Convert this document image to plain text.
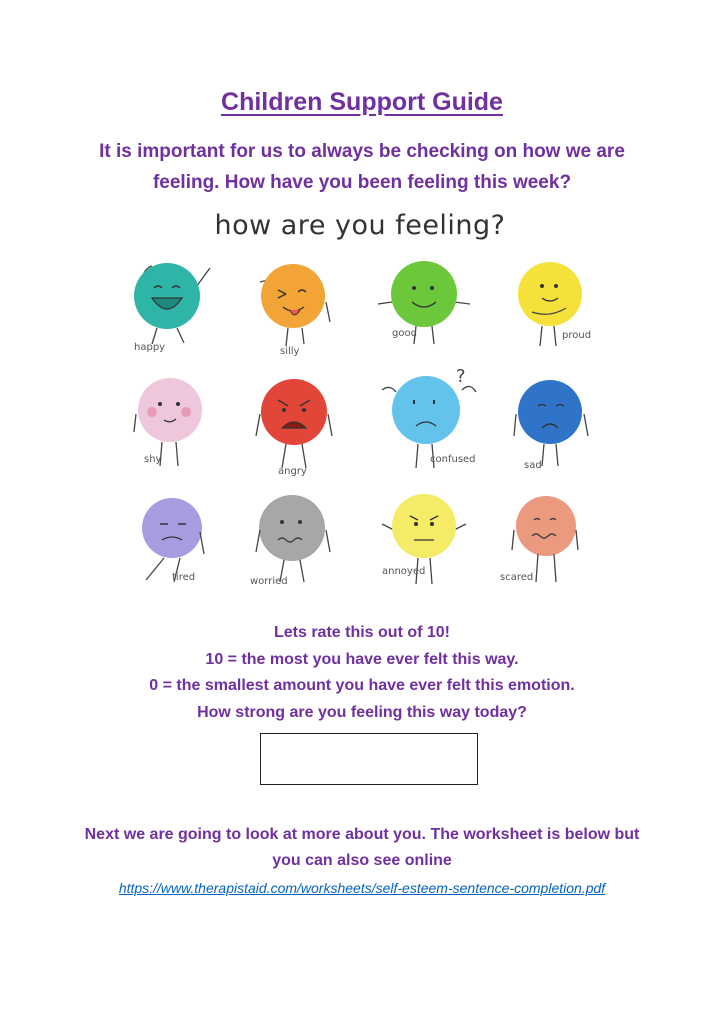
Children Support Guide
It is important for us to always be checking on how we are feeling. How have you been feeling this week?
how are you feeling?
happy	silly
good	proud
shy
angry
confused
sad
tired	worried
annoyed
scared
?
Lets rate this out of 10!
10 = the most you have ever felt this way.
0 = the smallest amount you have ever felt this emotion.
How strong are you feeling this way today?
Next we are going to look at more about you. The worksheet is below but you can also see online
https://www.therapistaid.com/worksheets/self-esteem-sentence-completion.pdf
